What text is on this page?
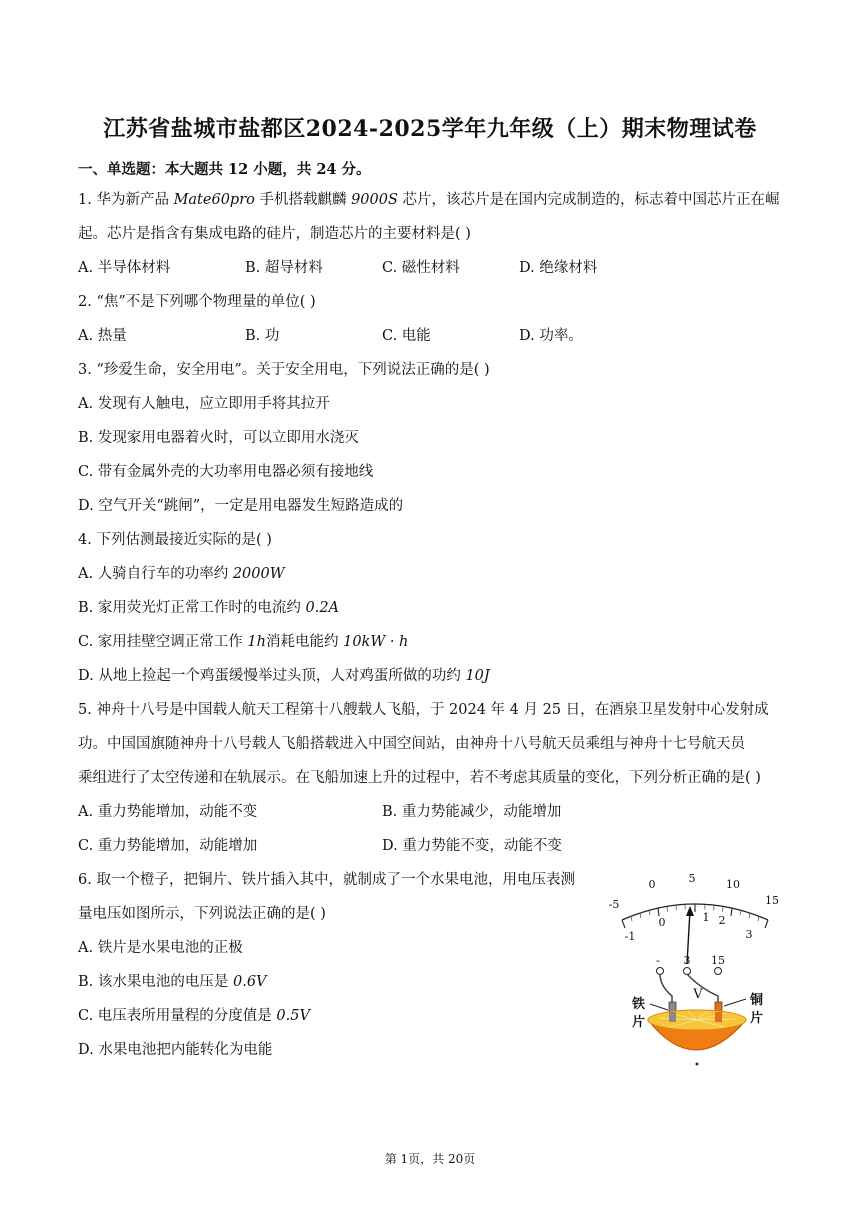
江苏省盐城市盐都区2024-2025学年九年级（上）期末物理试卷
一、单选题：本大题共 12 小题，共 24 分。
1. 华为新产品 Mate60pro 手机搭载麒麟 9000S 芯片，该芯片是在国内完成制造的，标志着中国芯片正在崛
起。芯片是指含有集成电路的硅片，制造芯片的主要材料是( )
A. 半导体材料	B. 超导材料	C. 磁性材料	D. 绝缘材料
2. “焦”不是下列哪个物理量的单位( )
A. 热量	B. 功	C. 电能	D. 功率。
3. “珍爱生命，安全用电”。关于安全用电，下列说法正确的是( )
A. 发现有人触电，应立即用手将其拉开
B. 发现家用电器着火时，可以立即用水浇灭
C. 带有金属外壳的大功率用电器必须有接地线
D. 空气开关“跳闸”，一定是用电器发生短路造成的
4. 下列估测最接近实际的是( )
A. 人骑自行车的功率约 2000W
B. 家用荧光灯正常工作时的电流约 0.2A
C. 家用挂壁空调正常工作 1h消耗电能约 10kW · h
D. 从地上捡起一个鸡蛋缓慢举过头顶，人对鸡蛋所做的功约 10J
5. 神舟十八号是中国载人航天工程第十八艘载人飞船，于 2024 年 4 月 25 日，在酒泉卫星发射中心发射成
功。中国国旗随神舟十八号载人飞船搭载进入中国空间站，由神舟十八号航天员乘组与神舟十七号航天员
乘组进行了太空传递和在轨展示。在飞船加速上升的过程中，若不考虑其质量的变化，下列分析正确的是( )
A. 重力势能增加，动能不变	B. 重力势能减少，动能增加
C. 重力势能增加，动能增加	D. 重力势能不变，动能不变
6. 取一个橙子，把铜片、铁片插入其中，就制成了一个水果电池，用电压表测
量电压如图所示，下列说法正确的是( )
A. 铁片是水果电池的正极
B. 该水果电池的电压是 0.6V
C. 电压表所用量程的分度值是 0.5V
D. 水果电池把内能转化为电能
-5
0	5	10
15
-1
0	1 2
3
- 3 15
V
铁
片
铜
片
第 1页，共 20页
